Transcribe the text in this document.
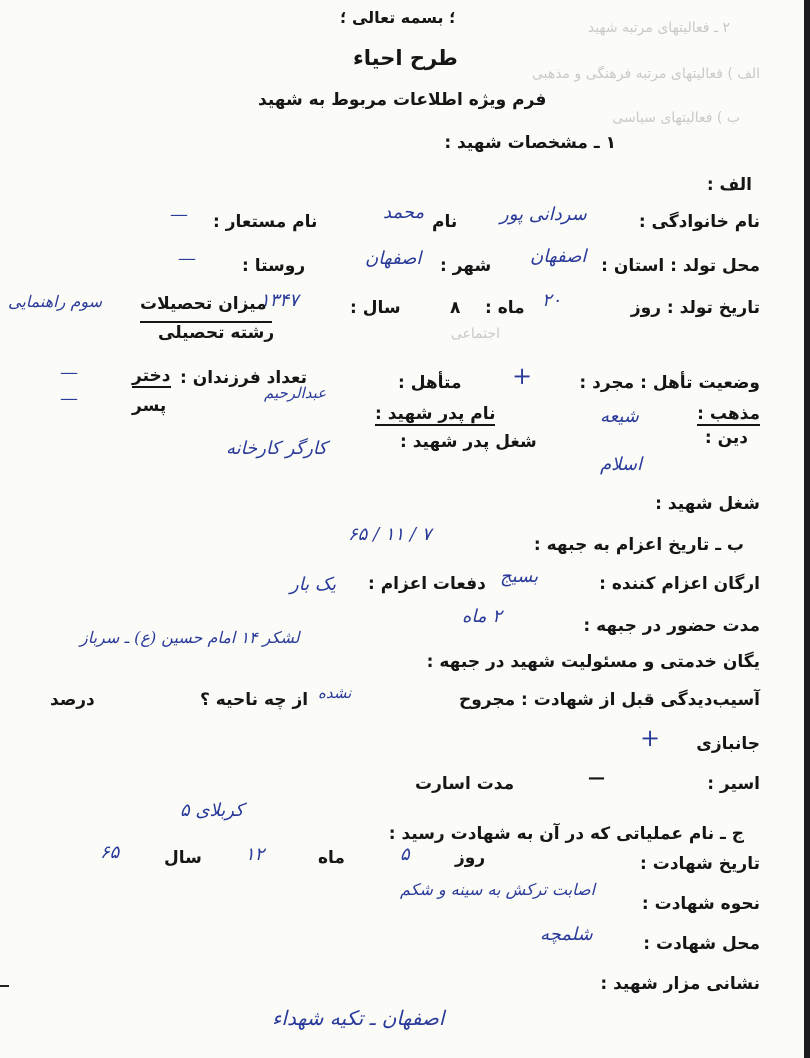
۲ ـ فعالیتهای مرتبه شهید
الف ) فعالیتهای مرتبه فرهنگی و مذهبی
ب ) فعالیتهای سیاسی
اجتماعی
؛ بسمه تعالی ؛
طرح احیاء
فرم ویژه اطلاعات مربوط به شهید
۱ ـ مشخصات شهید :
الف :
نام خانوادگی :
سردانی پور
نام
محمد
نام مستعار :
—
محل تولد : استان :
اصفهان
شهر :
اصفهان
روستا :
—
تاریخ تولد : روز
۲۰
ماه :
۸
سال :
۱۳۴۷
میزان تحصیلات
سوم راهنمایی
رشته تحصیلی
وضعیت تأهل : مجرد :
+
متأهل :
تعداد فرزندان :
دختر
—
پسر
—
مذهب :
شیعه
دین :
اسلام
عبدالرحیم
نام پدر شهید :
شغل پدر شهید :
کارگر کارخانه
شغل شهید :
ب ـ تاریخ اعزام به جبهه :
۷ / ۱۱ / ۶۵
ارگان اعزام کننده :
بسیج
دفعات اعزام :
یک بار
مدت حضور در جبهه :
۲ ماه
لشکر ۱۴ امام حسین (ع) ـ سرباز
یگان خدمتی و مسئولیت شهید در جبهه :
آسیب‌دیدگی قبل از شهادت : مجروح
نشده
از چه ناحیه ؟
درصد
جانبازی
+
اسیر :
—
مدت اسارت
کربلای ۵
ج ـ نام عملیاتی که در آن به شهادت رسید :
تاریخ شهادت :
۵	روز
ماه
۱۲
سال
۶۵
نحوه شهادت :
اصابت ترکش به سینه و شکم
محل شهادت :
شلمچه
نشانی مزار شهید :
اصفهان ـ تکیه شهداء
